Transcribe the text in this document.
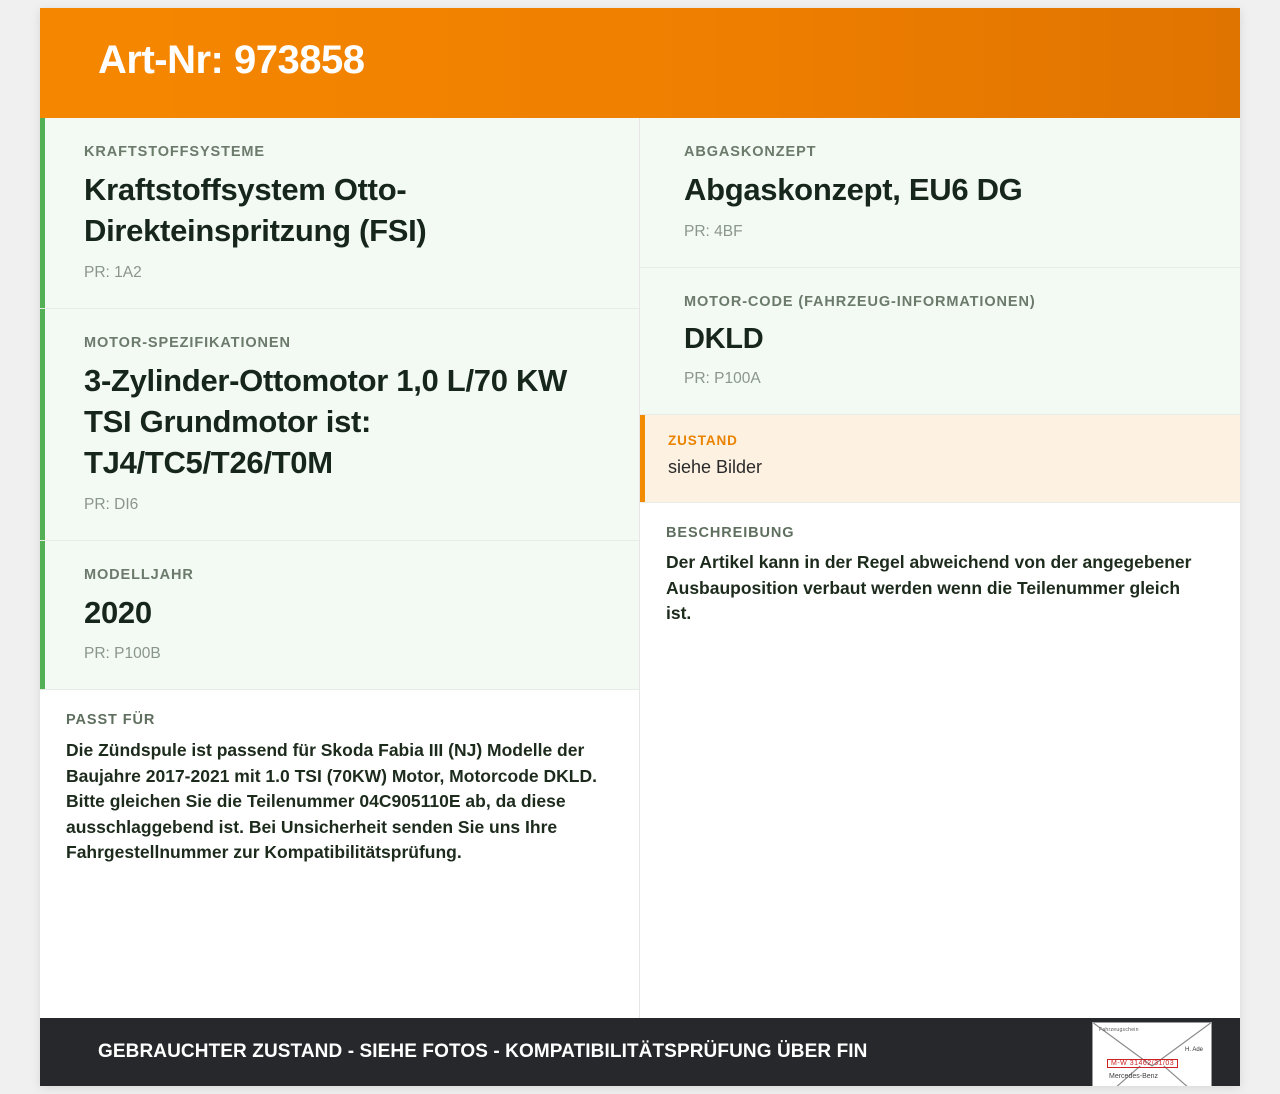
Art-Nr: 973858
KRAFTSTOFFSYSTEME
Kraftstoffsystem Otto-Direkteinspritzung (FSI)
PR: 1A2
MOTOR-SPEZIFIKATIONEN
3-Zylinder-Ottomotor 1,0 L/70 KW TSI Grundmotor ist: TJ4/TC5/T26/T0M
PR: DI6
MODELLJAHR
2020
PR: P100B
PASST FÜR
Die Zündspule ist passend für Skoda Fabia III (NJ) Modelle der Baujahre 2017-2021 mit 1.0 TSI (70KW) Motor, Motorcode DKLD. Bitte gleichen Sie die Teilenummer 04C905110E ab, da diese ausschlaggebend ist. Bei Unsicherheit senden Sie uns Ihre Fahrgestellnummer zur Kompatibilitätsprüfung.
ABGASKONZEPT
Abgaskonzept, EU6 DG
PR: 4BF
MOTOR-CODE (FAHRZEUG-INFORMATIONEN)
DKLD
PR: P100A
ZUSTAND
siehe Bilder
BESCHREIBUNG
Der Artikel kann in der Regel abweichend von der angegebener Ausbauposition verbaut werden wenn die Teilenummer gleich ist.
GEBRAUCHTER ZUSTAND - SIEHE FOTOS - KOMPATIBILITÄTSPRÜFUNG ÜBER FIN
Fahrzeugschein
H. Ade
M-W 31462/31/03
Mercedes-Benz
